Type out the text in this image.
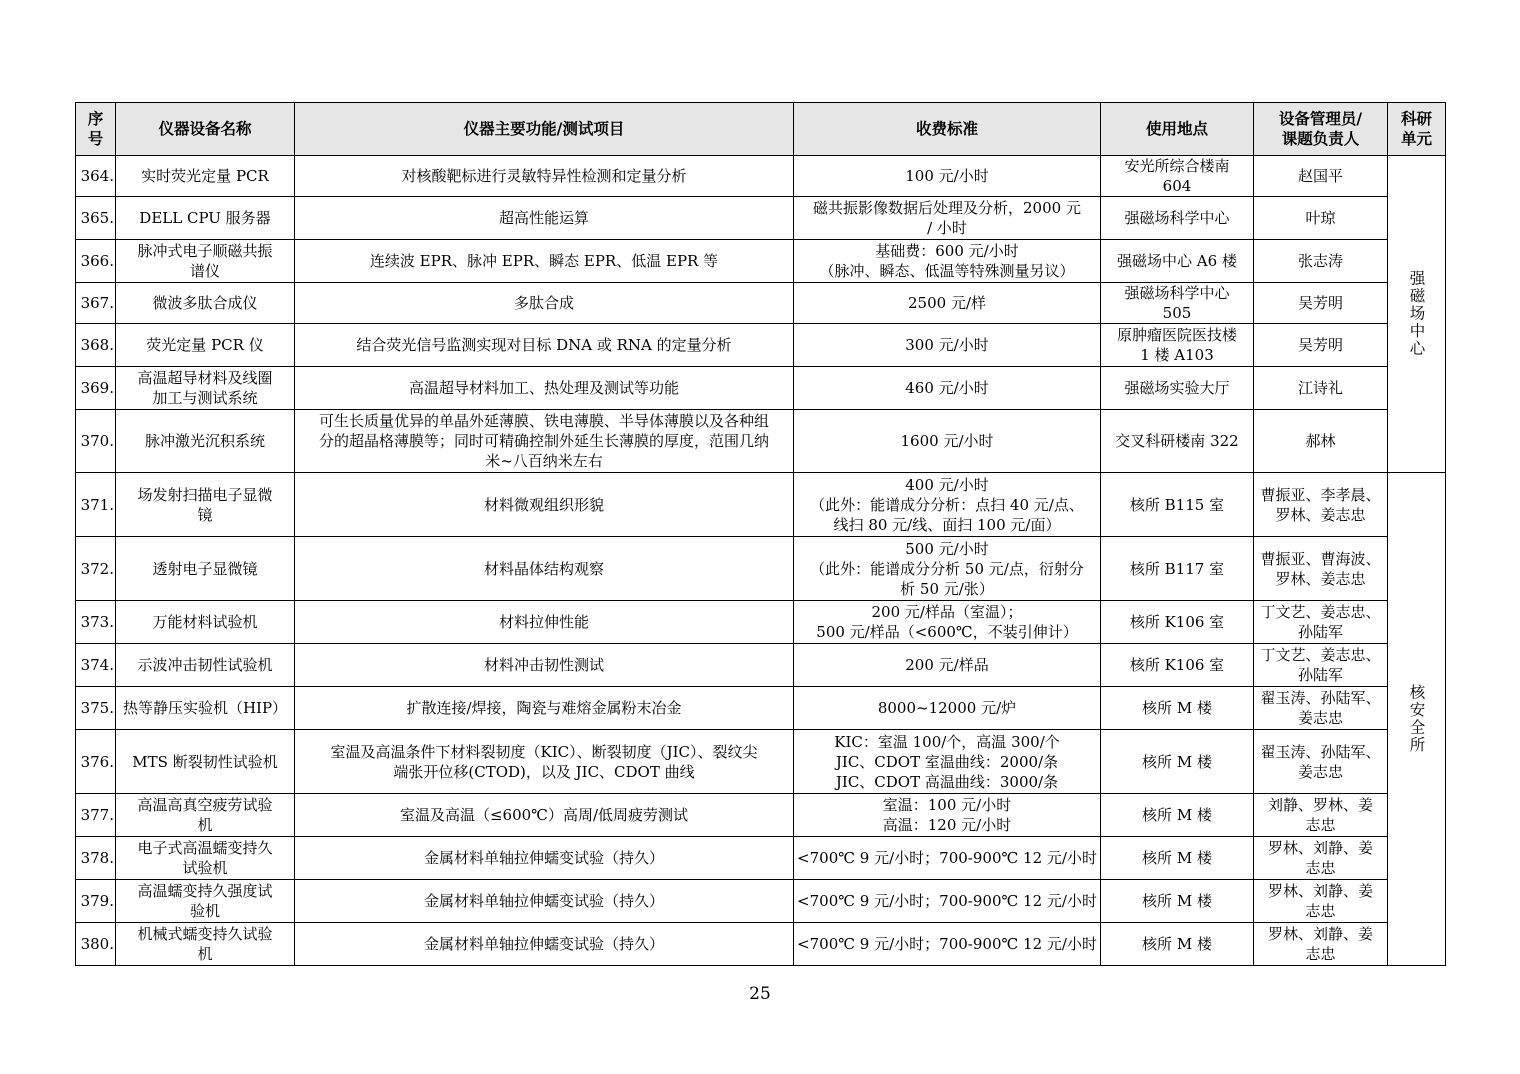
序
号	仪器设备名称	仪器主要功能/测试项目	收费标准	使用地点	设备管理员/
课题负责人	科研
单元
364.	实时荧光定量 PCR	对核酸靶标进行灵敏特异性检测和定量分析	100 元/小时	安光所综合楼南
604	赵国平	强磁场中心
365.	DELL CPU 服务器	超高性能运算	磁共振影像数据后处理及分析，2000 元
/ 小时	强磁场科学中心	叶琼	
366.	脉冲式电子顺磁共振
谱仪	连续波 EPR、脉冲 EPR、瞬态 EPR、低温 EPR 等	基础费：600 元/小时
（脉冲、瞬态、低温等特殊测量另议）	强磁场中心 A6 楼	张志涛	
367.	微波多肽合成仪	多肽合成	2500 元/样	强磁场科学中心
505	吴芳明	
368.	荧光定量 PCR 仪	结合荧光信号监测实现对目标 DNA 或 RNA 的定量分析	300 元/小时	原肿瘤医院医技楼
1 楼 A103	吴芳明	
369.	高温超导材料及线圈
加工与测试系统	高温超导材料加工、热处理及测试等功能	460 元/小时	强磁场实验大厅	江诗礼	
370.	脉冲激光沉积系统	可生长质量优异的单晶外延薄膜、铁电薄膜、半导体薄膜以及各种组
分的超晶格薄膜等；同时可精确控制外延生长薄膜的厚度，范围几纳
米~八百纳米左右	1600 元/小时	交叉科研楼南 322	郝林	
371.	场发射扫描电子显微
镜	材料微观组织形貌	400 元/小时
（此外：能谱成分分析：点扫 40 元/点、
线扫 80 元/线、面扫 100 元/面）	核所 B115 室	曹振亚、李孝晨、
罗林、姜志忠	核安全所
372.	透射电子显微镜	材料晶体结构观察	500 元/小时
（此外：能谱成分分析 50 元/点，衍射分
析 50 元/张）	核所 B117 室	曹振亚、曹海波、
罗林、姜志忠	
373.	万能材料试验机	材料拉伸性能	200 元/样品（室温）；
500 元/样品（<600℃，不装引伸计）	核所 K106 室	丁文艺、姜志忠、
孙陆军	
374.	示波冲击韧性试验机	材料冲击韧性测试	200 元/样品	核所 K106 室	丁文艺、姜志忠、
孙陆军	
375.	热等静压实验机（HIP）	扩散连接/焊接，陶瓷与难熔金属粉末冶金	8000~12000 元/炉	核所 M 楼	翟玉涛、孙陆军、
姜志忠	
376.	MTS 断裂韧性试验机	室温及高温条件下材料裂韧度（KIC）、断裂韧度（JIC）、裂纹尖
端张开位移(CTOD)，以及 JIC、CDOT 曲线	KIC：室温 100/个，高温 300/个
JIC、CDOT 室温曲线：2000/条
JIC、CDOT 高温曲线：3000/条	核所 M 楼	翟玉涛、孙陆军、
姜志忠	
377.	高温高真空疲劳试验
机	室温及高温（≤600℃）高周/低周疲劳测试	室温：100 元/小时
高温：120 元/小时	核所 M 楼	刘静、罗林、姜
志忠	
378.	电子式高温蠕变持久
试验机	金属材料单轴拉伸蠕变试验（持久）	<700℃ 9 元/小时；700-900℃ 12 元/小时	核所 M 楼	罗林、刘静、姜
志忠	
379.	高温蠕变持久强度试
验机	金属材料单轴拉伸蠕变试验（持久）	<700℃ 9 元/小时；700-900℃ 12 元/小时	核所 M 楼	罗林、刘静、姜
志忠	
380.	机械式蠕变持久试验
机	金属材料单轴拉伸蠕变试验（持久）	<700℃ 9 元/小时；700-900℃ 12 元/小时	核所 M 楼	罗林、刘静、姜
志忠	
25
